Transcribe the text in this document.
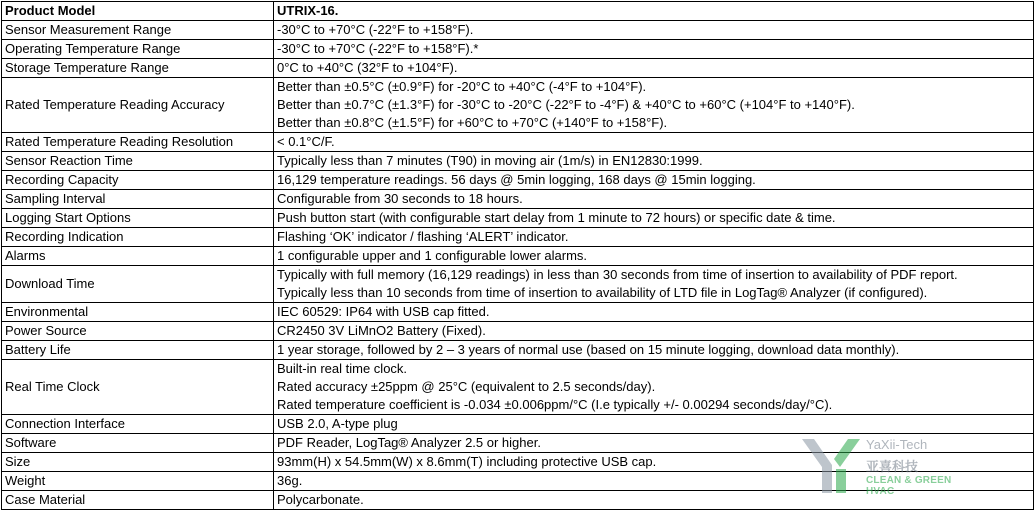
Product Model	UTRIX-16.
Sensor Measurement Range	-30°C to +70°C (-22°F to +158°F).

Operating Temperature Range	-30°C to +70°C (-22°F to +158°F).*

Storage Temperature Range	0°C to +40°C (32°F to +104°F).

Rated Temperature Reading Accuracy	Better than ±0.5°C (±0.9°F) for -20°C to +40°C (-4°F to +104°F).
Better than ±0.7°C (±1.3°F) for -30°C to -20°C (-22°F to -4°F) & +40°C to +60°C (+104°F to +140°F).
Better than ±0.8°C (±1.5°F) for +60°C to +70°C (+140°F to +158°F).

Rated Temperature Reading Resolution	< 0.1°C/F.

Sensor Reaction Time	Typically less than 7 minutes (T90) in moving air (1m/s) in EN12830:1999.

Recording Capacity	16,129 temperature readings. 56 days @ 5min logging, 168 days @ 15min logging.

Sampling Interval	Configurable from 30 seconds to 18 hours.

Logging Start Options	Push button start (with configurable start delay from 1 minute to 72 hours) or specific date & time.

Recording Indication	Flashing ‘OK’ indicator / flashing ‘ALERT’ indicator.

Alarms	1 configurable upper and 1 configurable lower alarms.

Download Time	Typically with full memory (16,129 readings) in less than 30 seconds from time of insertion to availability of PDF report.
Typically less than 10 seconds from time of insertion to availability of LTD file in LogTag® Analyzer (if configured).

Environmental	IEC 60529: IP64 with USB cap fitted.

Power Source	CR2450 3V LiMnO2 Battery (Fixed).

Battery Life	1 year storage, followed by 2 – 3 years of normal use (based on 15 minute logging, download data monthly).

Real Time Clock	Built-in real time clock.
Rated accuracy ±25ppm @ 25°C (equivalent to 2.5 seconds/day).
Rated temperature coefficient is -0.034 ±0.006ppm/°C (I.e typically +/- 0.00294 seconds/day/°C).

Connection Interface	USB 2.0, A-type plug

Software	PDF Reader, LogTag® Analyzer 2.5 or higher.

Size	93mm(H) x 54.5mm(W) x 8.6mm(T) including protective USB cap.

Weight	36g.

Case Material	Polycarbonate.
YaXii-Tech
亚喜科技
CLEAN & GREEN HVAC
